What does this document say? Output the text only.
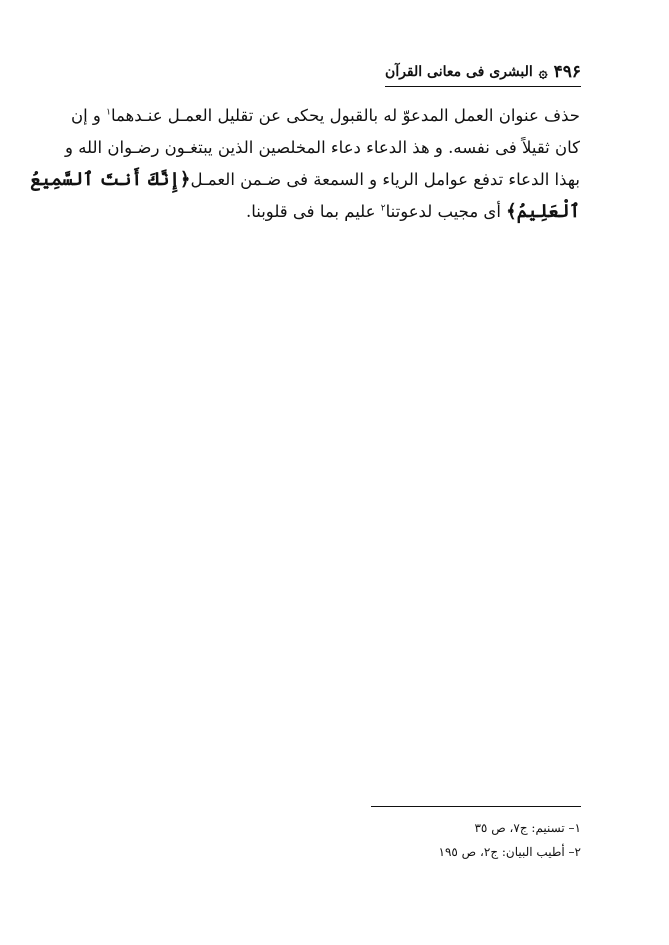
۴۹۶
۞
البشری فی معانی القرآن
حذف عنوان العمل المدعوّ له بالقبول یحکی عن تقلیل العمـل عنـدهما$^١$ و إن
کان ثقیلاً فی نفسه. و هذ الدعاء دعاء المخلصین الذین یبتغـون رضـوان الله و
بهذا الدعاء تدفع عوامل الریاء و السمعة فی ضـمن العمـل﴿إِنَّكَ أَنتَ ٱلسَّمِيعُ
ٱلْعَلِيمُ﴾ أی مجیب لدعوتنا$^٢$ علیم بما فی قلوبنا.
١– تسنیم: ج٧، ص ٣٥
٢– أطیب البیان: ج٢، ص ١٩٥
